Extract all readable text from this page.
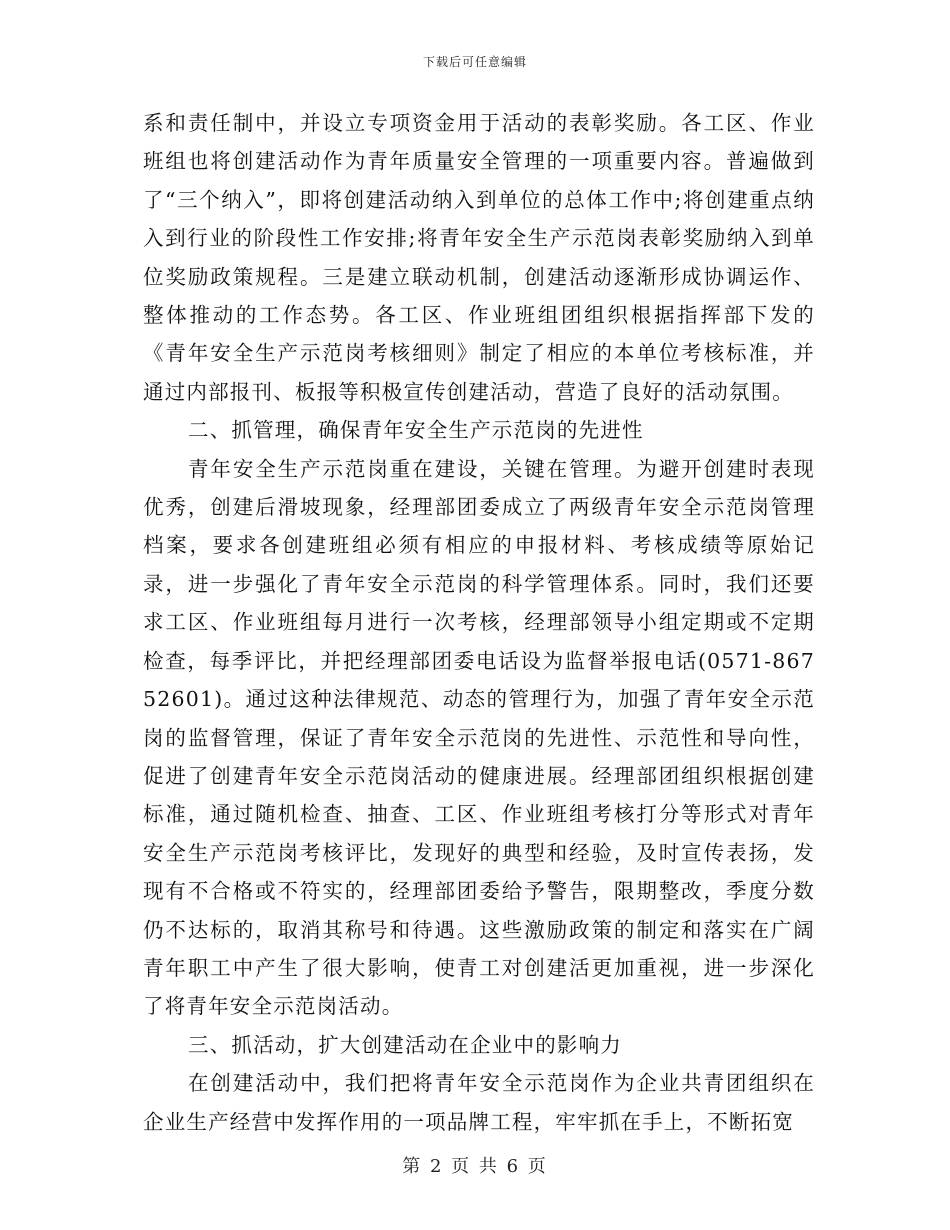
下载后可任意编辑

系和责任制中，并设立专项资金用于活动的表彰奖励。各工区、作业班组也将创建活动作为青年质量安全管理的一项重要内容。普遍做到了“三个纳入”，即将创建活动纳入到单位的总体工作中;将创建重点纳入到行业的阶段性工作安排;将青年安全生产示范岗表彰奖励纳入到单位奖励政策规程。三是建立联动机制，创建活动逐渐形成协调运作、整体推动的工作态势。各工区、作业班组团组织根据指挥部下发的《青年安全生产示范岗考核细则》制定了相应的本单位考核标准，并通过内部报刊、板报等积极宣传创建活动，营造了良好的活动氛围。

二、抓管理，确保青年安全生产示范岗的先进性

青年安全生产示范岗重在建设，关键在管理。为避开创建时表现优秀，创建后滑坡现象，经理部团委成立了两级青年安全示范岗管理档案，要求各创建班组必须有相应的申报材料、考核成绩等原始记录，进一步强化了青年安全示范岗的科学管理体系。同时，我们还要求工区、作业班组每月进行一次考核，经理部领导小组定期或不定期检查，每季评比，并把经理部团委电话设为监督举报电话(0571-86752601)。通过这种法律规范、动态的管理行为，加强了青年安全示范岗的监督管理，保证了青年安全示范岗的先进性、示范性和导向性，促进了创建青年安全示范岗活动的健康进展。经理部团组织根据创建标准，通过随机检查、抽查、工区、作业班组考核打分等形式对青年安全生产示范岗考核评比，发现好的典型和经验，及时宣传表扬，发现有不合格或不符实的，经理部团委给予警告，限期整改，季度分数仍不达标的，取消其称号和待遇。这些激励政策的制定和落实在广阔青年职工中产生了很大影响，使青工对创建活更加重视，进一步深化了将青年安全示范岗活动。

三、抓活动，扩大创建活动在企业中的影响力

在创建活动中，我们把将青年安全示范岗作为企业共青团组织在企业生产经营中发挥作用的一项品牌工程，牢牢抓在手上，不断拓宽

第 2 页 共 6 页
